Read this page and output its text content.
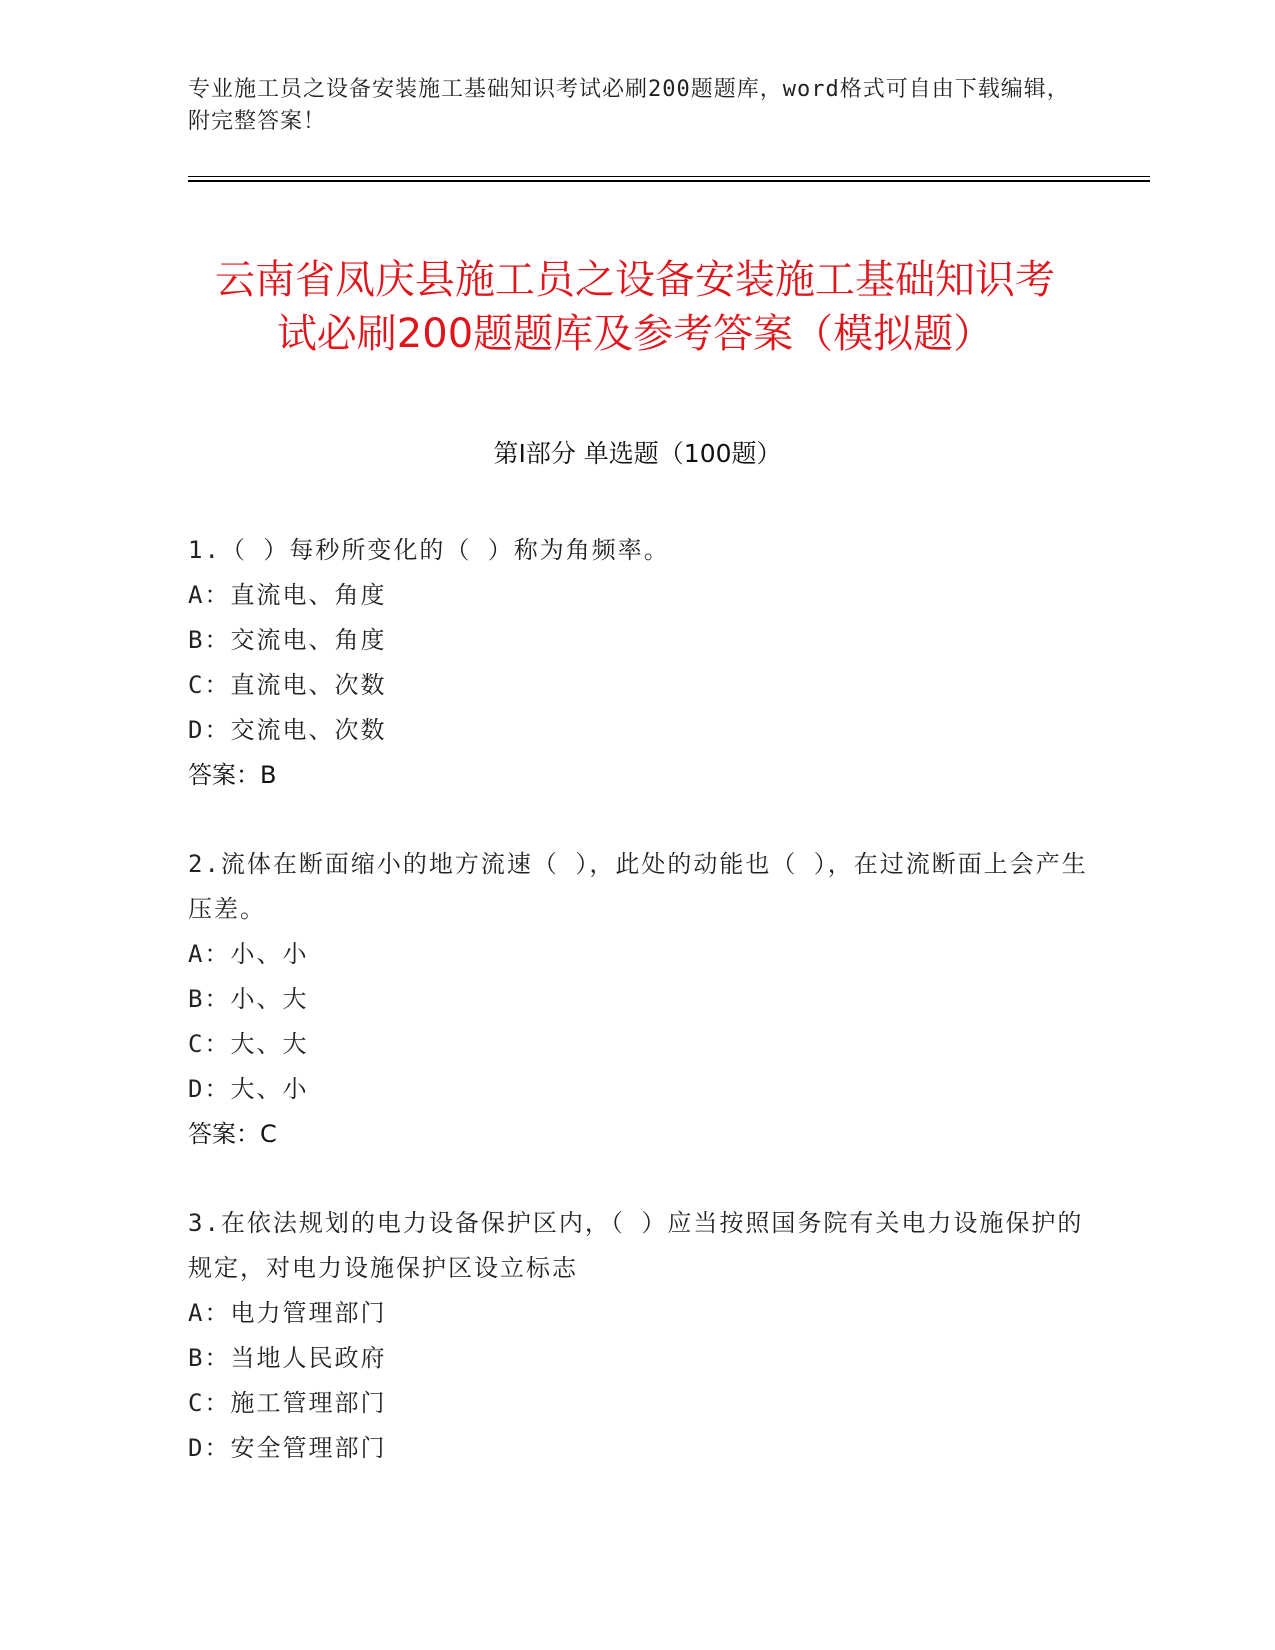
专业施工员之设备安装施工基础知识考试必刷200题题库，word格式可自由下载编辑，附完整答案！
云南省凤庆县施工员之设备安装施工基础知识考试必刷200题题库及参考答案（模拟题）
第Ⅰ部分 单选题（100题）

1.（ ）每秒所变化的（ ）称为角频率。

A：直流电、角度

B：交流电、角度

C：直流电、次数

D：交流电、次数

答案：B

2.流体在断面缩小的地方流速（ ），此处的动能也（ ），在过流断面上会产生压差。

A：小、小

B：小、大

C：大、大

D：大、小

答案：C

3.在依法规划的电力设备保护区内，（ ）应当按照国务院有关电力设施保护的规定，对电力设施保护区设立标志

A：电力管理部门

B：当地人民政府

C：施工管理部门

D：安全管理部门
